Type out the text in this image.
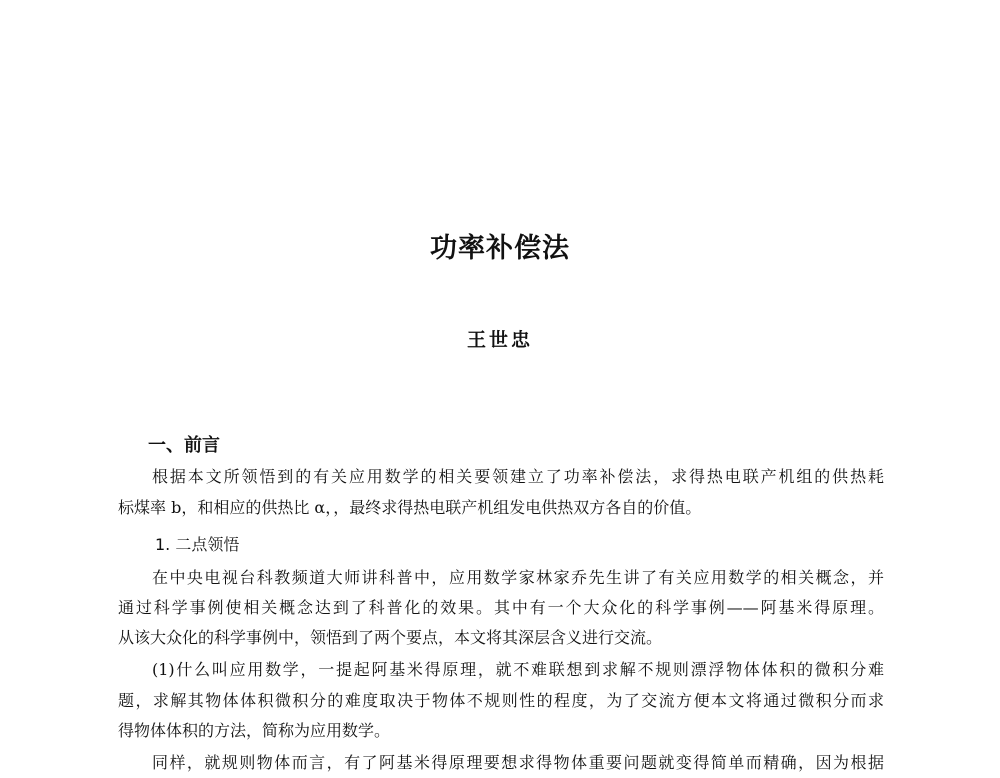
功率补偿法
王世忠
一、前言
根据本文所领悟到的有关应用数学的相关要领建立了功率补偿法，求得热电联产机组的供热耗
标煤率 b，和相应的供热比 α，，最终求得热电联产机组发电供热双方各自的价值。
1. 二点领悟
在中央电视台科教频道大师讲科普中，应用数学家林家乔先生讲了有关应用数学的相关概念，并
通过科学事例使相关概念达到了科普化的效果。其中有一个大众化的科学事例——阿基米得原理。
从该大众化的科学事例中，领悟到了两个要点，本文将其深层含义进行交流。
(1)什么叫应用数学，一提起阿基米得原理，就不难联想到求解不规则漂浮物体体积的微积分难
题，求解其物体体积微积分的难度取决于物体不规则性的程度，为了交流方便本文将通过微积分而求
得物体体积的方法，简称为应用数学。
同样，就规则物体而言，有了阿基米得原理要想求得物体重要问题就变得简单而精确，因为根据
